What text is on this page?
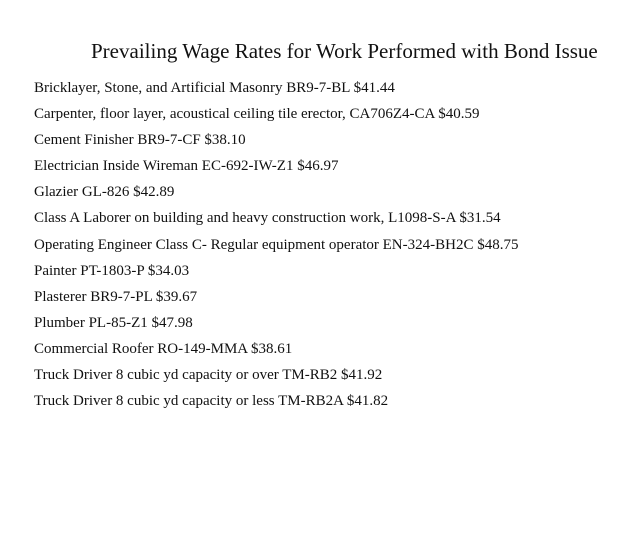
Prevailing Wage Rates for Work Performed with Bond Issue
Bricklayer, Stone, and Artificial Masonry BR9-7-BL $41.44
Carpenter, floor layer, acoustical ceiling tile erector, CA706Z4-CA $40.59
Cement Finisher BR9-7-CF $38.10
Electrician Inside Wireman EC-692-IW-Z1 $46.97
Glazier GL-826 $42.89
Class A Laborer on building and heavy construction work, L1098-S-A $31.54
Operating Engineer Class C- Regular equipment operator EN-324-BH2C $48.75
Painter PT-1803-P $34.03
Plasterer BR9-7-PL $39.67
Plumber PL-85-Z1 $47.98
Commercial Roofer RO-149-MMA $38.61
Truck Driver 8 cubic yd capacity or over TM-RB2 $41.92
Truck Driver 8 cubic yd capacity or less TM-RB2A $41.82
